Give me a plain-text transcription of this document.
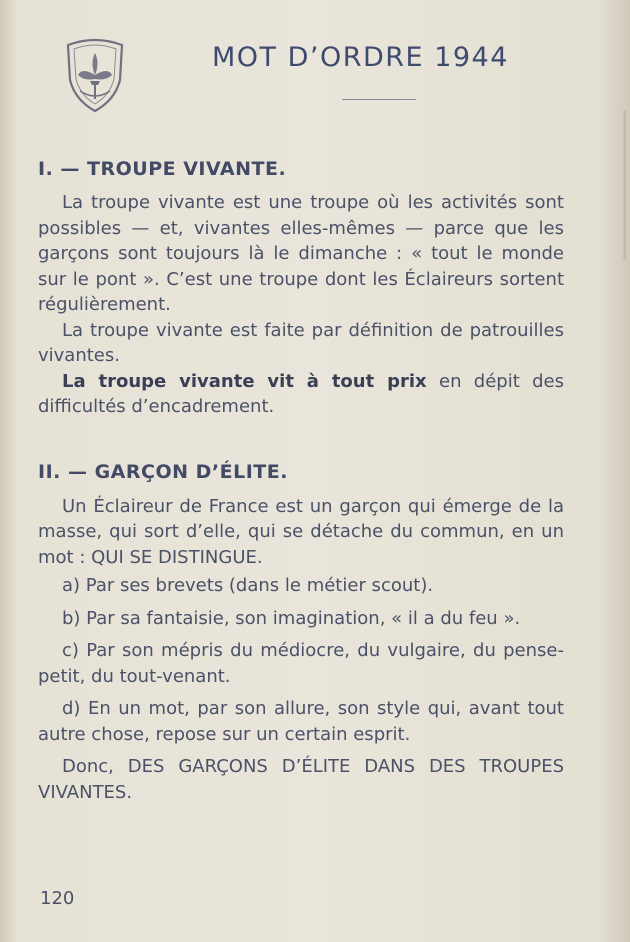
MOT D’ORDRE 1944
I. — TROUPE VIVANTE.

La troupe vivante est une troupe où les activités sont possibles — et, vivantes elles-mêmes — parce que les garçons sont toujours là le dimanche : « tout le monde sur le pont ». C’est une troupe dont les Éclaireurs sortent régulièrement.

La troupe vivante est faite par définition de patrouilles vivantes.

La troupe vivante vit à tout prix en dépit des difficultés d’encadrement.

II. — GARÇON D’ÉLITE.

Un Éclaireur de France est un garçon qui émerge de la masse, qui sort d’elle, qui se détache du commun, en un mot : QUI SE DISTINGUE.

a) Par ses brevets (dans le métier scout).

b) Par sa fantaisie, son imagination, « il a du feu ».

c) Par son mépris du médiocre, du vulgaire, du pense-petit, du tout-venant.

d) En un mot, par son allure, son style qui, avant tout autre chose, repose sur un certain esprit.

Donc, DES GARÇONS D’ÉLITE DANS DES TROUPES VIVANTES.

120
